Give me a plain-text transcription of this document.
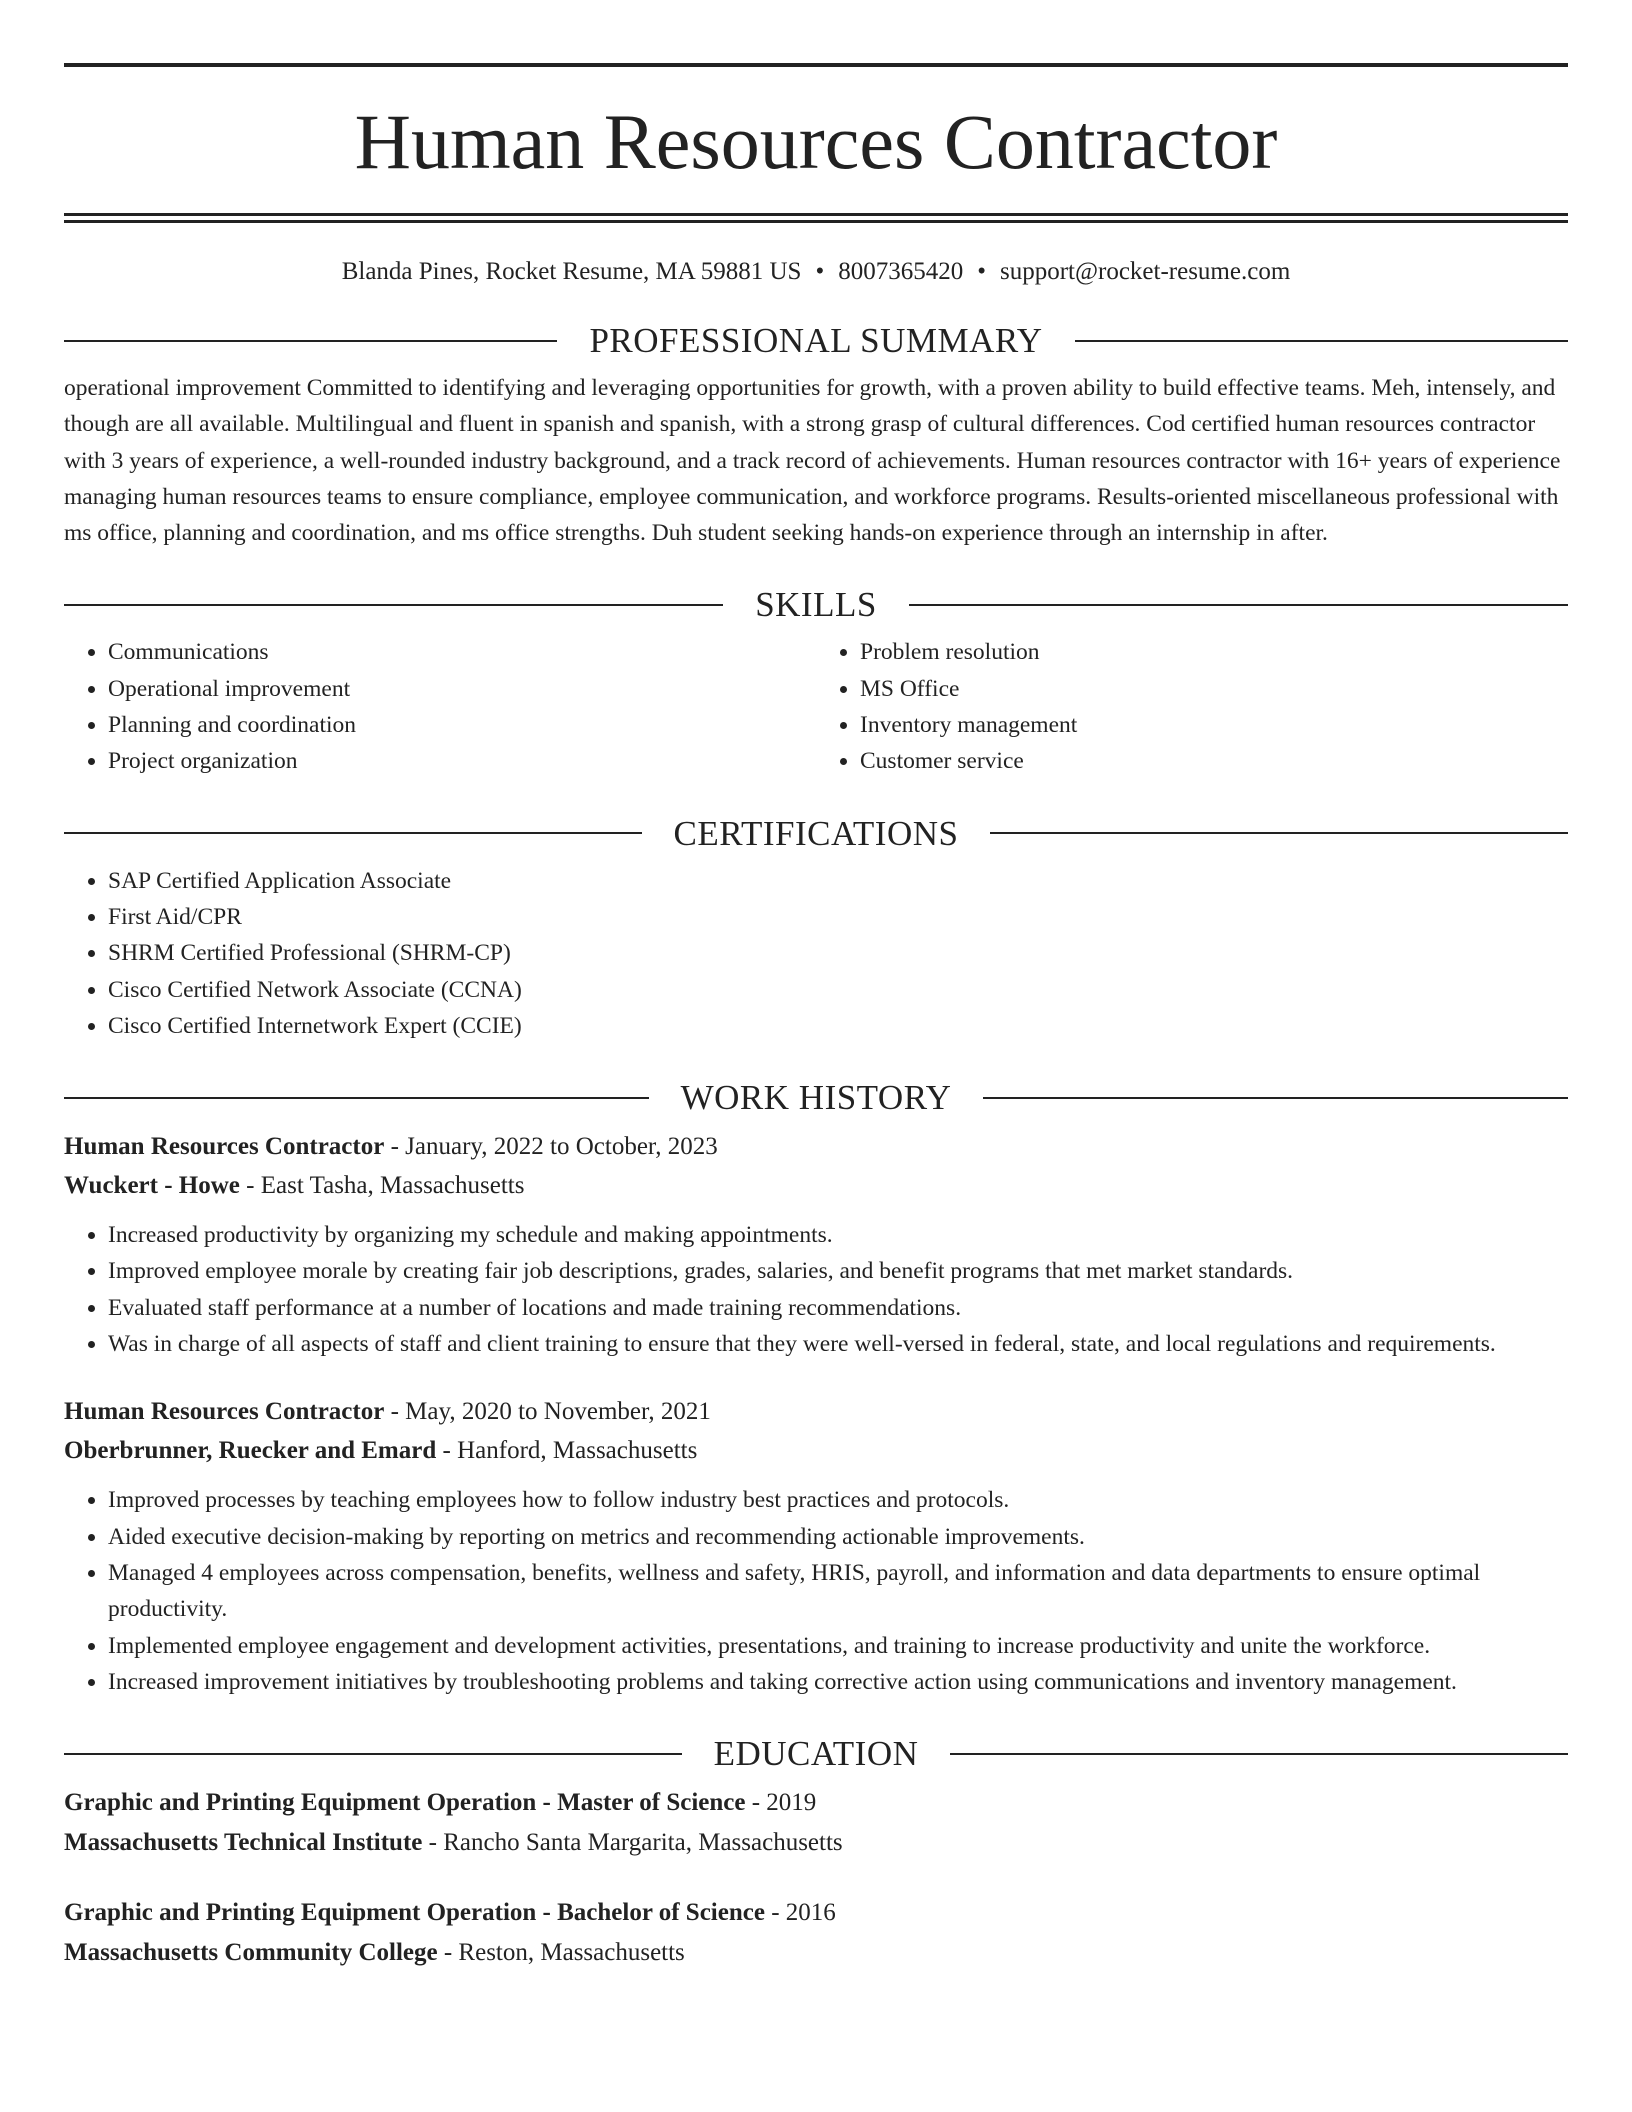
Human Resources Contractor
Blanda Pines, Rocket Resume, MA 59881 US • 8007365420 • support@rocket-resume.com
PROFESSIONAL SUMMARY

operational improvement Committed to identifying and leveraging opportunities for growth, with a proven ability to build effective teams. Meh, intensely, and though are all available. Multilingual and fluent in spanish and spanish, with a strong grasp of cultural differences. Cod certified human resources contractor with 3 years of experience, a well-rounded industry background, and a track record of achievements. Human resources contractor with 16+ years of experience managing human resources teams to ensure compliance, employee communication, and workforce programs. Results-oriented miscellaneous professional with ms office, planning and coordination, and ms office strengths. Duh student seeking hands-on experience through an internship in after.

SKILLS
• Communications
• Operational improvement
• Planning and coordination
• Project organization
• Problem resolution
• MS Office
• Inventory management
• Customer service
CERTIFICATIONS
• SAP Certified Application Associate
• First Aid/CPR
• SHRM Certified Professional (SHRM-CP)
• Cisco Certified Network Associate (CCNA)
• Cisco Certified Internetwork Expert (CCIE)
WORK HISTORY
Human Resources Contractor - January, 2022 to October, 2023
Wuckert - Howe - East Tasha, Massachusetts
• Increased productivity by organizing my schedule and making appointments.
• Improved employee morale by creating fair job descriptions, grades, salaries, and benefit programs that met market standards.
• Evaluated staff performance at a number of locations and made training recommendations.
• Was in charge of all aspects of staff and client training to ensure that they were well-versed in federal, state, and local regulations and requirements.
Human Resources Contractor - May, 2020 to November, 2021
Oberbrunner, Ruecker and Emard - Hanford, Massachusetts
• Improved processes by teaching employees how to follow industry best practices and protocols.
• Aided executive decision-making by reporting on metrics and recommending actionable improvements.
• Managed 4 employees across compensation, benefits, wellness and safety, HRIS, payroll, and information and data departments to ensure optimal productivity.
• Implemented employee engagement and development activities, presentations, and training to increase productivity and unite the workforce.
• Increased improvement initiatives by troubleshooting problems and taking corrective action using communications and inventory management.
EDUCATION
Graphic and Printing Equipment Operation - Master of Science - 2019
Massachusetts Technical Institute - Rancho Santa Margarita, Massachusetts
Graphic and Printing Equipment Operation - Bachelor of Science - 2016
Massachusetts Community College - Reston, Massachusetts
